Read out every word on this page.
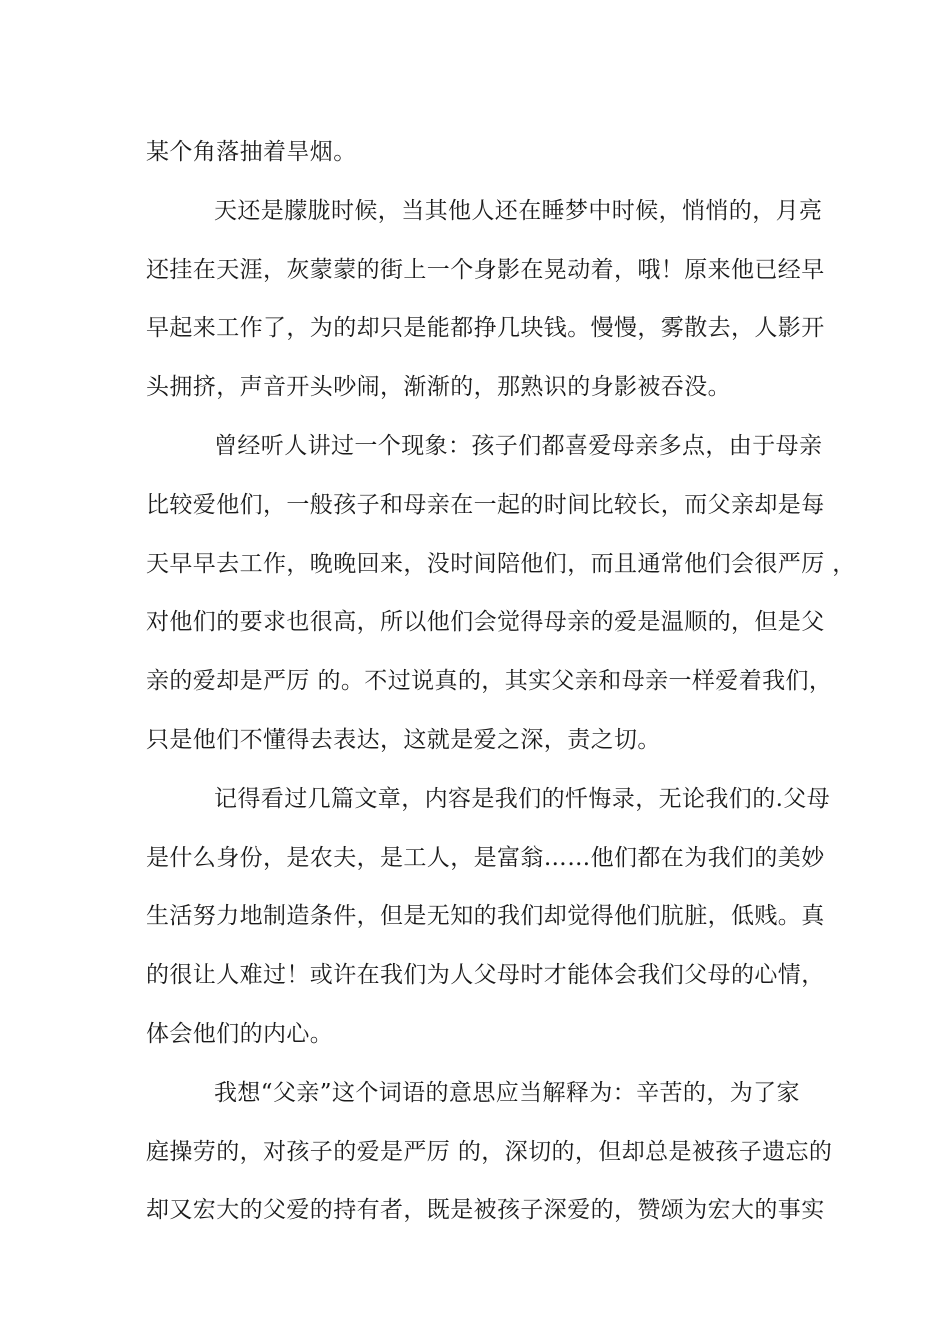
某个角落抽着旱烟。
天还是朦胧时候，当其他人还在睡梦中时候，悄悄的，月亮
还挂在天涯，灰蒙蒙的街上一个身影在晃动着，哦！原来他已经早
早起来工作了，为的却只是能都挣几块钱。慢慢，雾散去，人影开
头拥挤，声音开头吵闹，渐渐的，那熟识的身影被吞没。
曾经听人讲过一个现象：孩子们都喜爱母亲多点，由于母亲
比较爱他们，一般孩子和母亲在一起的时间比较长，而父亲却是每
天早早去工作，晚晚回来，没时间陪他们，而且通常他们会很严厉 ，
对他们的要求也很高，所以他们会觉得母亲的爱是温顺的，但是父
亲的爱却是严厉 的。不过说真的，其实父亲和母亲一样爱着我们，
只是他们不懂得去表达，这就是爱之深，责之切。
记得看过几篇文章，内容是我们的忏悔录，无论我们的.父母
是什么身份，是农夫，是工人，是富翁……他们都在为我们的美妙
生活努力地制造条件，但是无知的我们却觉得他们肮脏，低贱。真
的很让人难过！或许在我们为人父母时才能体会我们父母的心情，
体会他们的内心。
我想“父亲”这个词语的意思应当解释为：辛苦的，为了家
庭操劳的，对孩子的爱是严厉 的，深切的，但却总是被孩子遗忘的
却又宏大的父爱的持有者，既是被孩子深爱的，赞颂为宏大的事实
